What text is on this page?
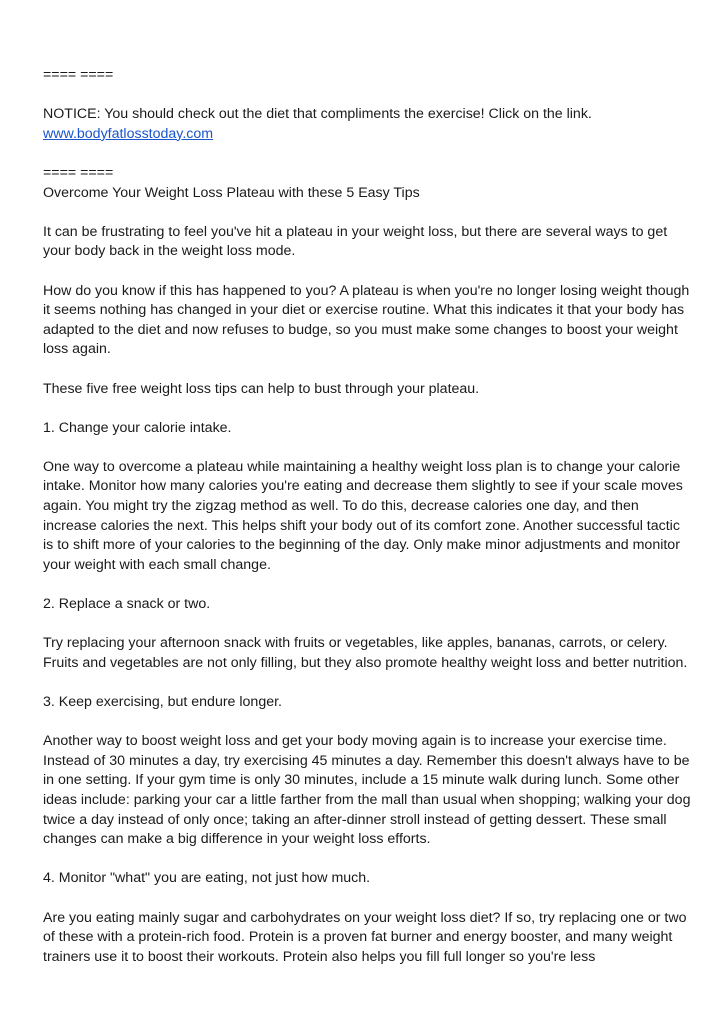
==== ====

NOTICE: You should check out the diet that compliments the exercise! Click on the link.

www.bodyfatlosstoday.com

==== ====

Overcome Your Weight Loss Plateau with these 5 Easy Tips

It can be frustrating to feel you've hit a plateau in your weight loss, but there are several ways to get your body back in the weight loss mode.

How do you know if this has happened to you? A plateau is when you're no longer losing weight though it seems nothing has changed in your diet or exercise routine. What this indicates it that your body has adapted to the diet and now refuses to budge, so you must make some changes to boost your weight loss again.

These five free weight loss tips can help to bust through your plateau.

1. Change your calorie intake.

One way to overcome a plateau while maintaining a healthy weight loss plan is to change your calorie intake. Monitor how many calories you're eating and decrease them slightly to see if your scale moves again. You might try the zigzag method as well. To do this, decrease calories one day, and then increase calories the next. This helps shift your body out of its comfort zone. Another successful tactic is to shift more of your calories to the beginning of the day. Only make minor adjustments and monitor your weight with each small change.

2. Replace a snack or two.

Try replacing your afternoon snack with fruits or vegetables, like apples, bananas, carrots, or celery. Fruits and vegetables are not only filling, but they also promote healthy weight loss and better nutrition.

3. Keep exercising, but endure longer.

Another way to boost weight loss and get your body moving again is to increase your exercise time. Instead of 30 minutes a day, try exercising 45 minutes a day. Remember this doesn't always have to be in one setting. If your gym time is only 30 minutes, include a 15 minute walk during lunch. Some other ideas include: parking your car a little farther from the mall than usual when shopping; walking your dog twice a day instead of only once; taking an after-dinner stroll instead of getting dessert. These small changes can make a big difference in your weight loss efforts.

4. Monitor "what" you are eating, not just how much.

Are you eating mainly sugar and carbohydrates on your weight loss diet? If so, try replacing one or two of these with a protein-rich food. Protein is a proven fat burner and energy booster, and many weight trainers use it to boost their workouts. Protein also helps you fill full longer so you're less
